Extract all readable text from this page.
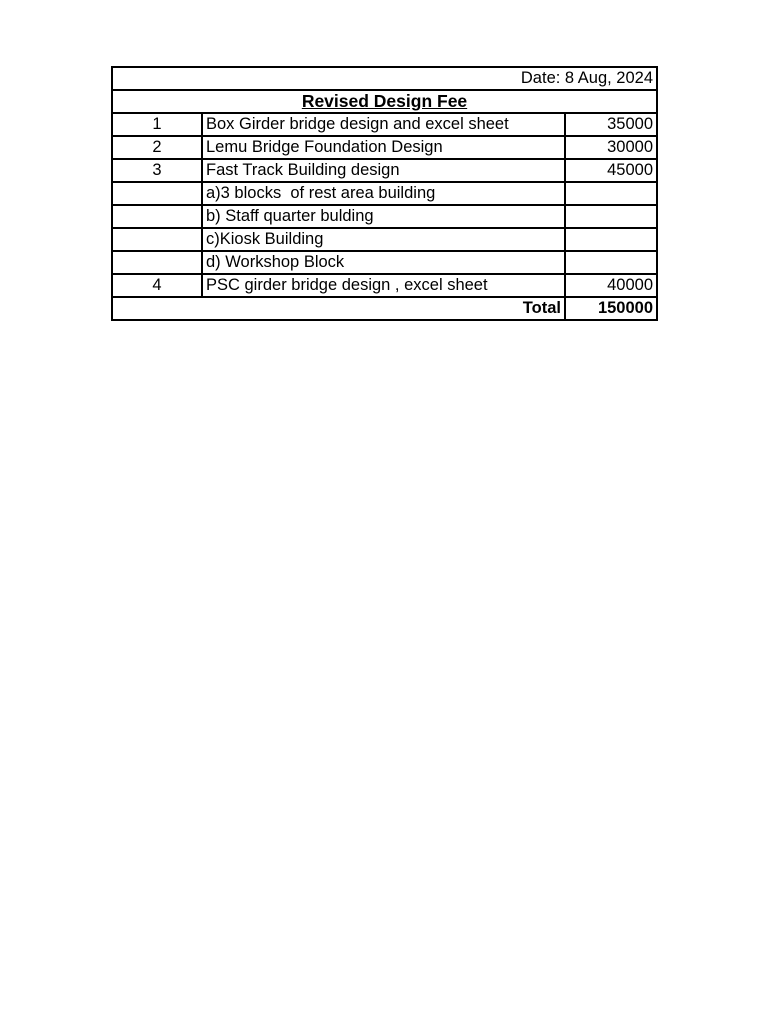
Date: 8 Aug, 2024		
Revised Design Fee		
1	Box Girder bridge design and excel sheet	35000
2	Lemu Bridge Foundation Design	30000
3	Fast Track Building design	45000
	a)3 blocks  of rest area building	
	b) Staff quarter bulding	
	c)Kiosk Building	
	d) Workshop Block	
4	PSC girder bridge design , excel sheet	40000
Total		150000
